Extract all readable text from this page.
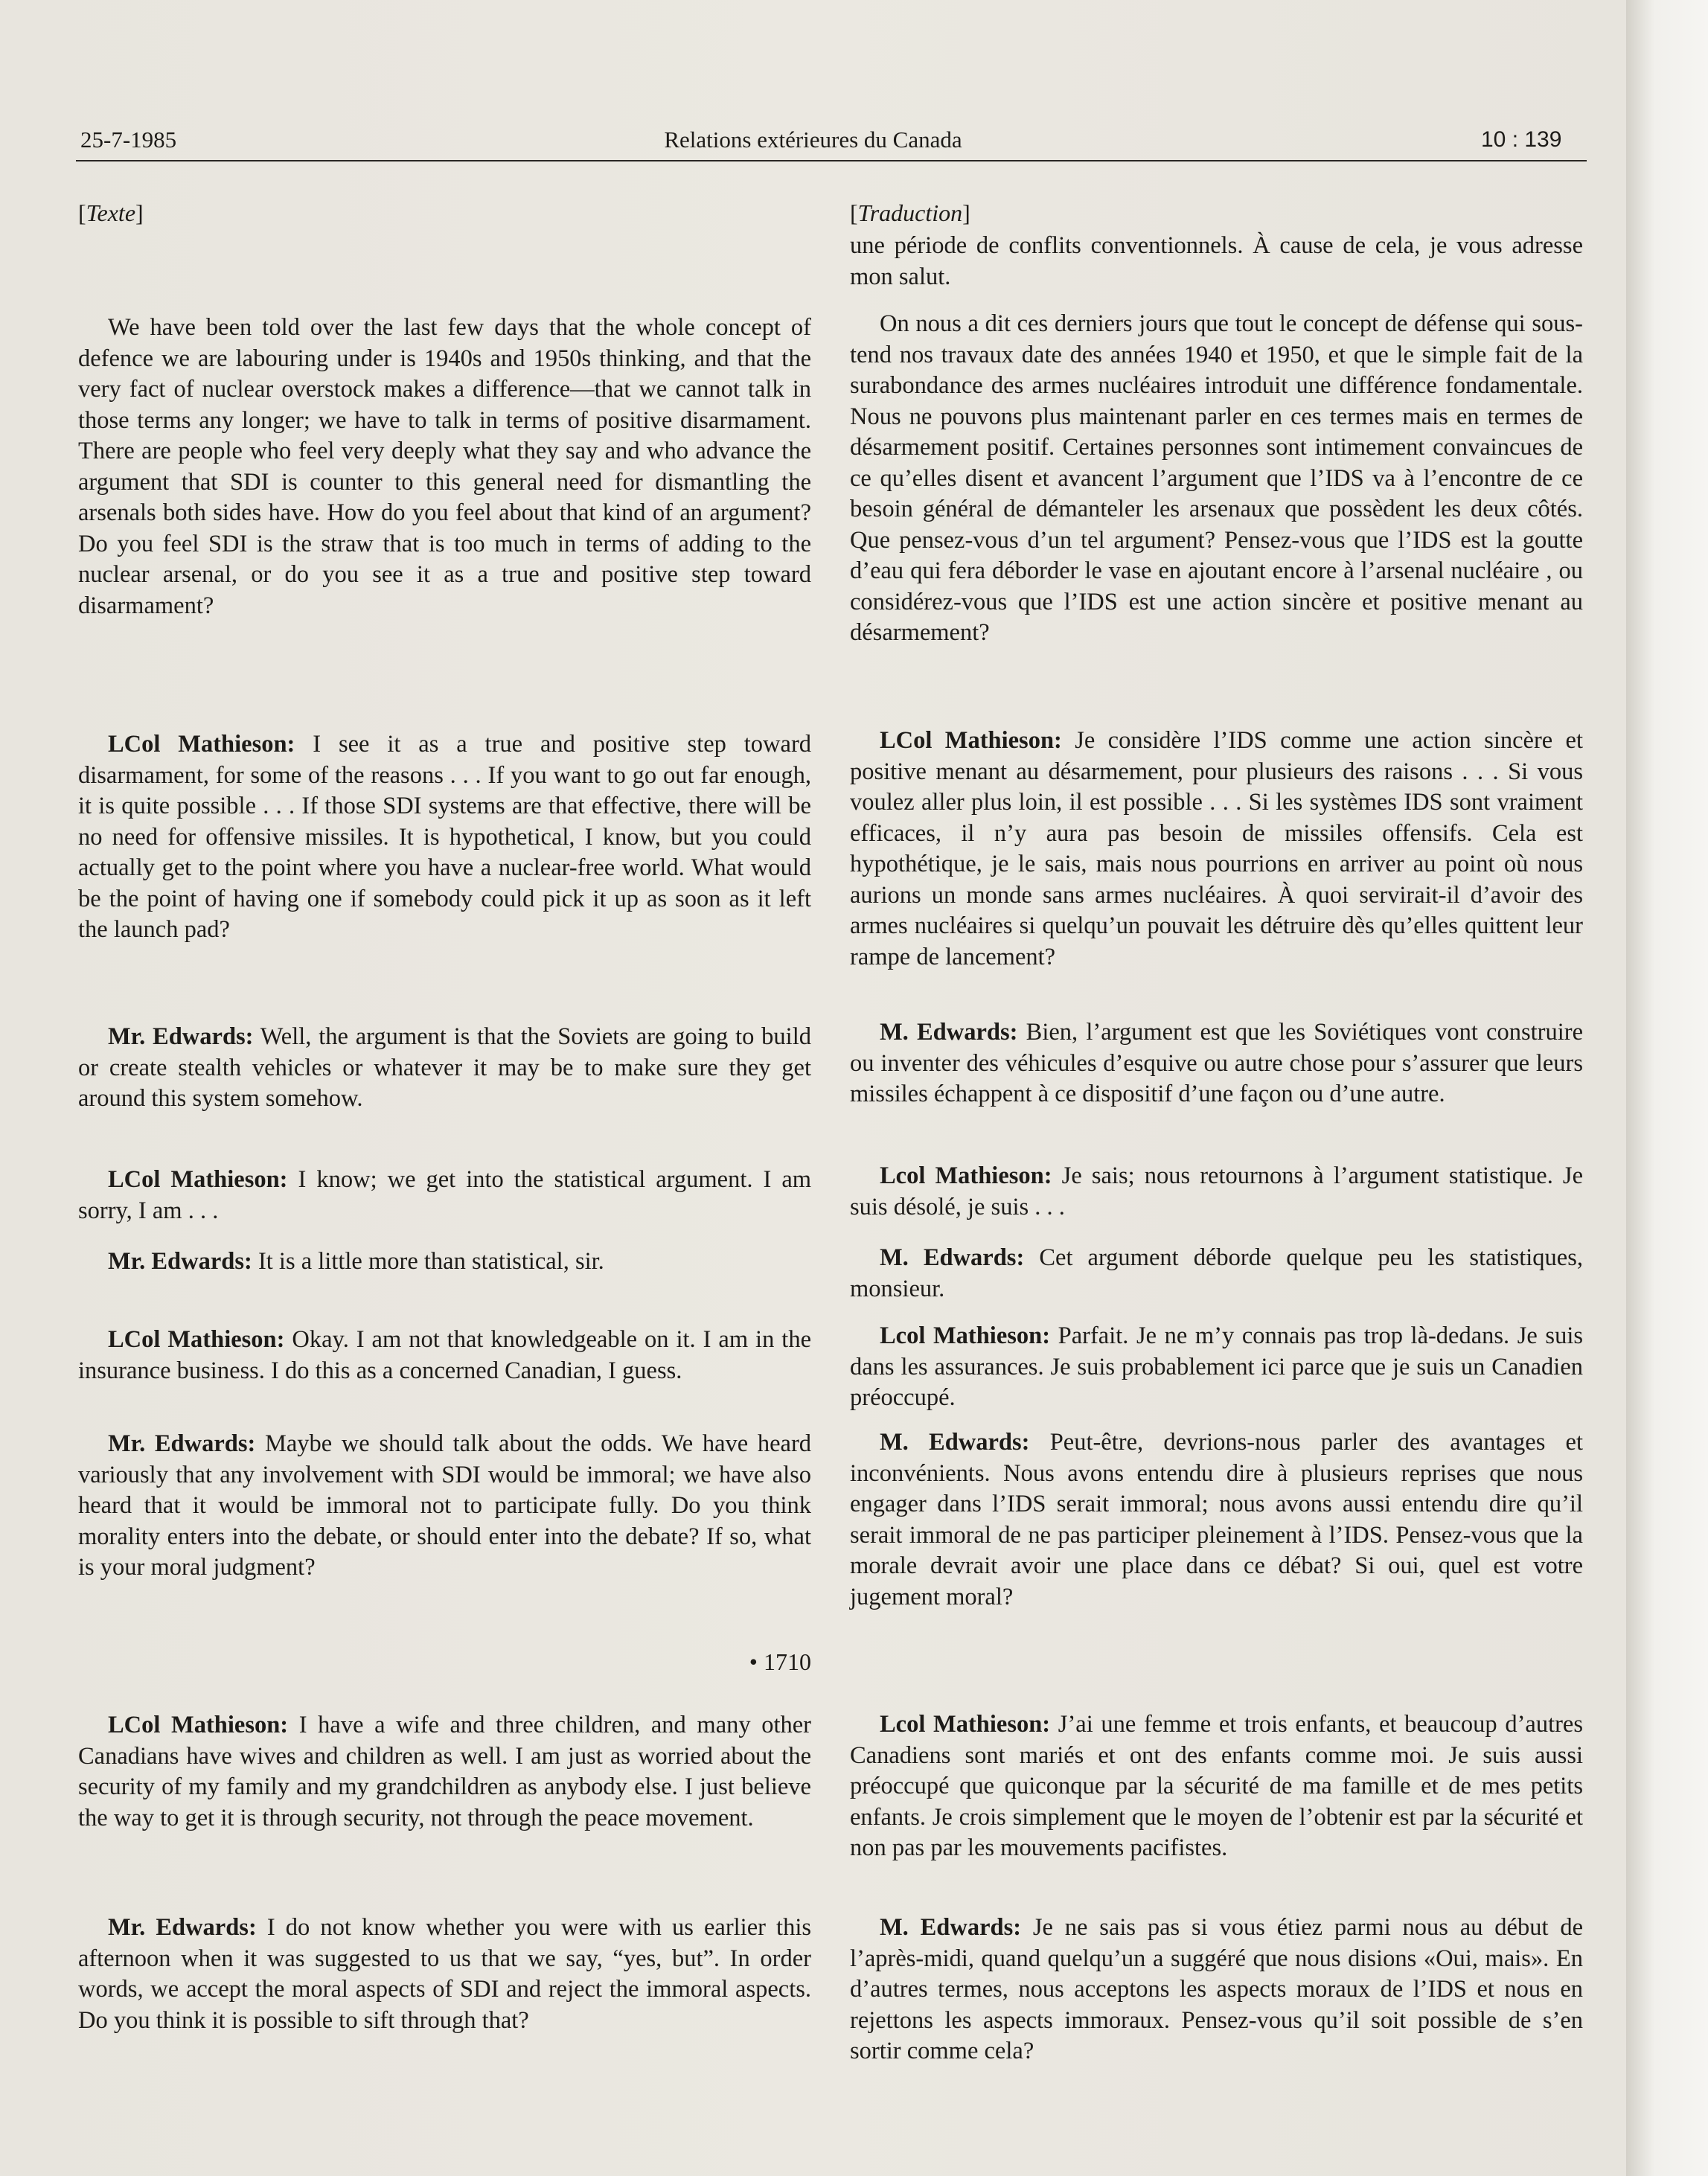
25-7-1985	Relations extérieures du Canada	10 : 139
[Texte]

We have been told over the last few days that the whole concept of defence we are labouring under is 1940s and 1950s thinking, and that the very fact of nuclear overstock makes a difference—that we cannot talk in those terms any longer; we have to talk in terms of positive disarmament. There are people who feel very deeply what they say and who advance the argument that SDI is counter to this general need for dismantling the arsenals both sides have. How do you feel about that kind of an argument? Do you feel SDI is the straw that is too much in terms of adding to the nuclear arsenal, or do you see it as a true and positive step toward disarmament?

LCol Mathieson: I see it as a true and positive step toward disarmament, for some of the reasons . . . If you want to go out far enough, it is quite possible . . . If those SDI systems are that effective, there will be no need for offensive missiles. It is hypothetical, I know, but you could actually get to the point where you have a nuclear-free world. What would be the point of having one if somebody could pick it up as soon as it left the launch pad?

Mr. Edwards: Well, the argument is that the Soviets are going to build or create stealth vehicles or whatever it may be to make sure they get around this system somehow.

LCol Mathieson: I know; we get into the statistical argument. I am sorry, I am . . .

Mr. Edwards: It is a little more than statistical, sir.

LCol Mathieson: Okay. I am not that knowledgeable on it. I am in the insurance business. I do this as a concerned Canadian, I guess.

Mr. Edwards: Maybe we should talk about the odds. We have heard variously that any involvement with SDI would be immoral; we have also heard that it would be immoral not to participate fully. Do you think morality enters into the debate, or should enter into the debate? If so, what is your moral judgment?

• 1710

LCol Mathieson: I have a wife and three children, and many other Canadians have wives and children as well. I am just as worried about the security of my family and my grandchildren as anybody else. I just believe the way to get it is through security, not through the peace movement.

Mr. Edwards: I do not know whether you were with us earlier this afternoon when it was suggested to us that we say, “yes, but”. In order words, we accept the moral aspects of SDI and reject the immoral aspects. Do you think it is possible to sift through that?

[Traduction]

une période de conflits conventionnels. À cause de cela, je vous adresse mon salut.

On nous a dit ces derniers jours que tout le concept de défense qui sous-tend nos travaux date des années 1940 et 1950, et que le simple fait de la surabondance des armes nucléaires introduit une différence fondamentale. Nous ne pouvons plus maintenant parler en ces termes mais en termes de désarmement positif. Certaines personnes sont intimement convaincues de ce qu’elles disent et avancent l’argument que l’IDS va à l’encontre de ce besoin général de démanteler les arsenaux que possèdent les deux côtés. Que pensez-vous d’un tel argument? Pensez-vous que l’IDS est la goutte d’eau qui fera déborder le vase en ajoutant encore à l’arsenal nucléaire , ou considérez-vous que l’IDS est une action sincère et positive menant au désarmement?

LCol Mathieson: Je considère l’IDS comme une action sincère et positive menant au désarmement, pour plusieurs des raisons . . . Si vous voulez aller plus loin, il est possible . . . Si les systèmes IDS sont vraiment efficaces, il n’y aura pas besoin de missiles offensifs. Cela est hypothétique, je le sais, mais nous pourrions en arriver au point où nous aurions un monde sans armes nucléaires. À quoi servirait-il d’avoir des armes nucléaires si quelqu’un pouvait les détruire dès qu’elles quittent leur rampe de lancement?

M. Edwards: Bien, l’argument est que les Soviétiques vont construire ou inventer des véhicules d’esquive ou autre chose pour s’assurer que leurs missiles échappent à ce dispositif d’une façon ou d’une autre.

Lcol Mathieson: Je sais; nous retournons à l’argument statistique. Je suis désolé, je suis . . .

M. Edwards: Cet argument déborde quelque peu les statistiques, monsieur.

Lcol Mathieson: Parfait. Je ne m’y connais pas trop là-dedans. Je suis dans les assurances. Je suis probablement ici parce que je suis un Canadien préoccupé.

M. Edwards: Peut-être, devrions-nous parler des avantages et inconvénients. Nous avons entendu dire à plusieurs reprises que nous engager dans l’IDS serait immoral; nous avons aussi entendu dire qu’il serait immoral de ne pas participer pleinement à l’IDS. Pensez-vous que la morale devrait avoir une place dans ce débat? Si oui, quel est votre jugement moral?

Lcol Mathieson: J’ai une femme et trois enfants, et beaucoup d’autres Canadiens sont mariés et ont des enfants comme moi. Je suis aussi préoccupé que quiconque par la sécurité de ma famille et de mes petits enfants. Je crois simplement que le moyen de l’obtenir est par la sécurité et non pas par les mouvements pacifistes.

M. Edwards: Je ne sais pas si vous étiez parmi nous au début de l’après-midi, quand quelqu’un a suggéré que nous disions «Oui, mais». En d’autres termes, nous acceptons les aspects moraux de l’IDS et nous en rejettons les aspects immoraux. Pensez-vous qu’il soit possible de s’en sortir comme cela?
